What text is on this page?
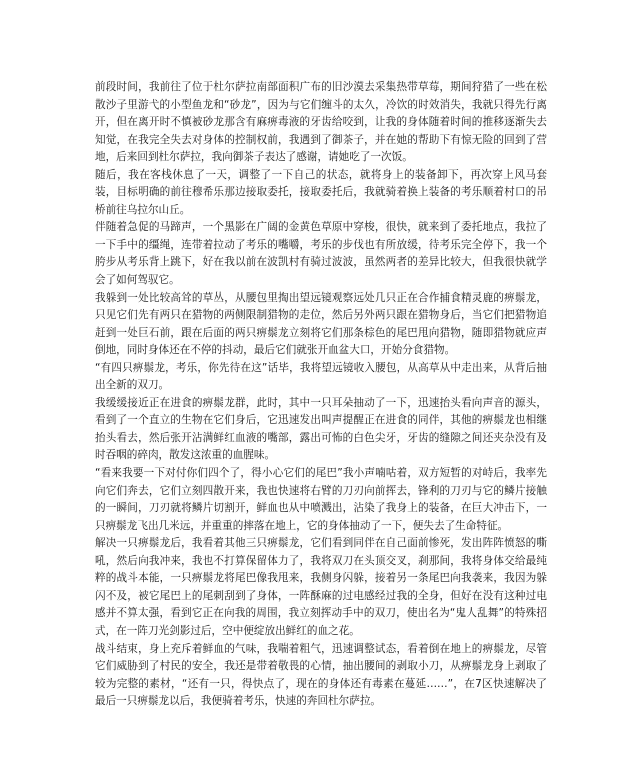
前段时间，我前往了位于杜尔萨拉南部面积广布的旧沙漠去采集热带草莓，期间狩猎了一些在松散沙子里游弋的小型鱼龙和“砂龙”，因为与它们缠斗的太久，冷饮的时效消失，我就只得先行离开，但在离开时不慎被砂龙那含有麻痹毒液的牙齿给咬到，让我的身体随着时间的推移逐渐失去知觉，在我完全失去对身体的控制权前，我遇到了御茶子，并在她的帮助下有惊无险的回到了营地，后来回到杜尔萨拉，我向御茶子表达了感谢，请她吃了一次饭。

随后，我在客栈休息了一天，调整了一下自己的状态，就将身上的装备卸下，再次穿上风马套装，目标明确的前往穆希乐那边接取委托，接取委托后，我就骑着换上装备的考乐顺着村口的吊桥前往乌拉尔山丘。

伴随着急促的马蹄声，一个黑影在广阔的金黄色草原中穿梭，很快，就来到了委托地点，我拉了一下手中的缰绳，连带着拉动了考乐的嘴嚼，考乐的步伐也有所放缓，待考乐完全停下，我一个胯步从考乐背上跳下，好在我以前在波凯村有骑过波波，虽然两者的差异比较大，但我很快就学会了如何驾驭它。

我躲到一处比较高耸的草丛，从腰包里掏出望远镜观察远处几只正在合作捕食精灵鹿的痹鬃龙，只见它们先有两只在猎物的两侧限制猎物的走位，然后另外两只跟在猎物身后，当它们把猎物追赶到一处巨石前，跟在后面的两只痹鬃龙立刻将它们那条棕色的尾巴甩向猎物，随即猎物就应声倒地，同时身体还在不停的抖动，最后它们就张开血盆大口，开始分食猎物。

“有四只痹鬃龙，考乐，你先待在这”话毕，我将望远镜收入腰包，从高草从中走出来，从背后抽出全新的双刀。

我缓缓接近正在进食的痹鬃龙群，此时，其中一只耳朵抽动了一下，迅速抬头看向声音的源头，看到了一个直立的生物在它们身后，它迅速发出叫声提醒正在进食的同伴，其他的痹鬃龙也相继抬头看去，然后张开沾满鲜红血液的嘴部，露出可怖的白色尖牙，牙齿的缝隙之间还夹杂没有及时吞咽的碎肉，散发这浓重的血腥味。

“看来我要一下对付你们四个了，得小心它们的尾巴”我小声喃咕着，双方短暂的对峙后，我率先向它们奔去，它们立刻四散开来，我也快速将右臂的刀刃向前挥去，锋利的刀刃与它的鳞片接触的一瞬间，刀刃就将鳞片切割开，鲜血也从中喷溅出，沾染了我身上的装备，在巨大冲击下，一只痹鬃龙飞出几米远，并重重的摔落在地上，它的身体抽动了一下，便失去了生命特征。

解决一只痹鬃龙后，我看着其他三只痹鬃龙，它们看到同伴在自己面前惨死，发出阵阵愤怒的嘶吼，然后向我冲来，我也不打算保留体力了，我将双刀在头顶交叉，刹那间，我将身体交给最纯粹的战斗本能，一只痹鬃龙将尾巴像我甩来，我侧身闪躲，接着另一条尾巴向我袭来，我因为躲闪不及，被它尾巴上的尾刺刮到了身体，一阵酥麻的过电感经过我的全身，但好在没有这种过电感并不算太强，看到它正在向我的周围，我立刻挥动手中的双刀，使出名为“鬼人乱舞”的特殊招式，在一阵刀光剑影过后，空中便绽放出鲜红的血之花。

战斗结束，身上充斥着鲜血的气味，我喘着粗气，迅速调整试态，看着倒在地上的痹鬃龙，尽管它们威胁到了村民的安全，我还是带着敬畏的心情，抽出腰间的剥取小刀，从痹鬃龙身上剥取了较为完整的素材，“还有一只，得快点了，现在的身体还有毒素在蔓延……”，在7区快速解决了最后一只痹鬃龙以后，我便骑着考乐，快速的奔回杜尔萨拉。
